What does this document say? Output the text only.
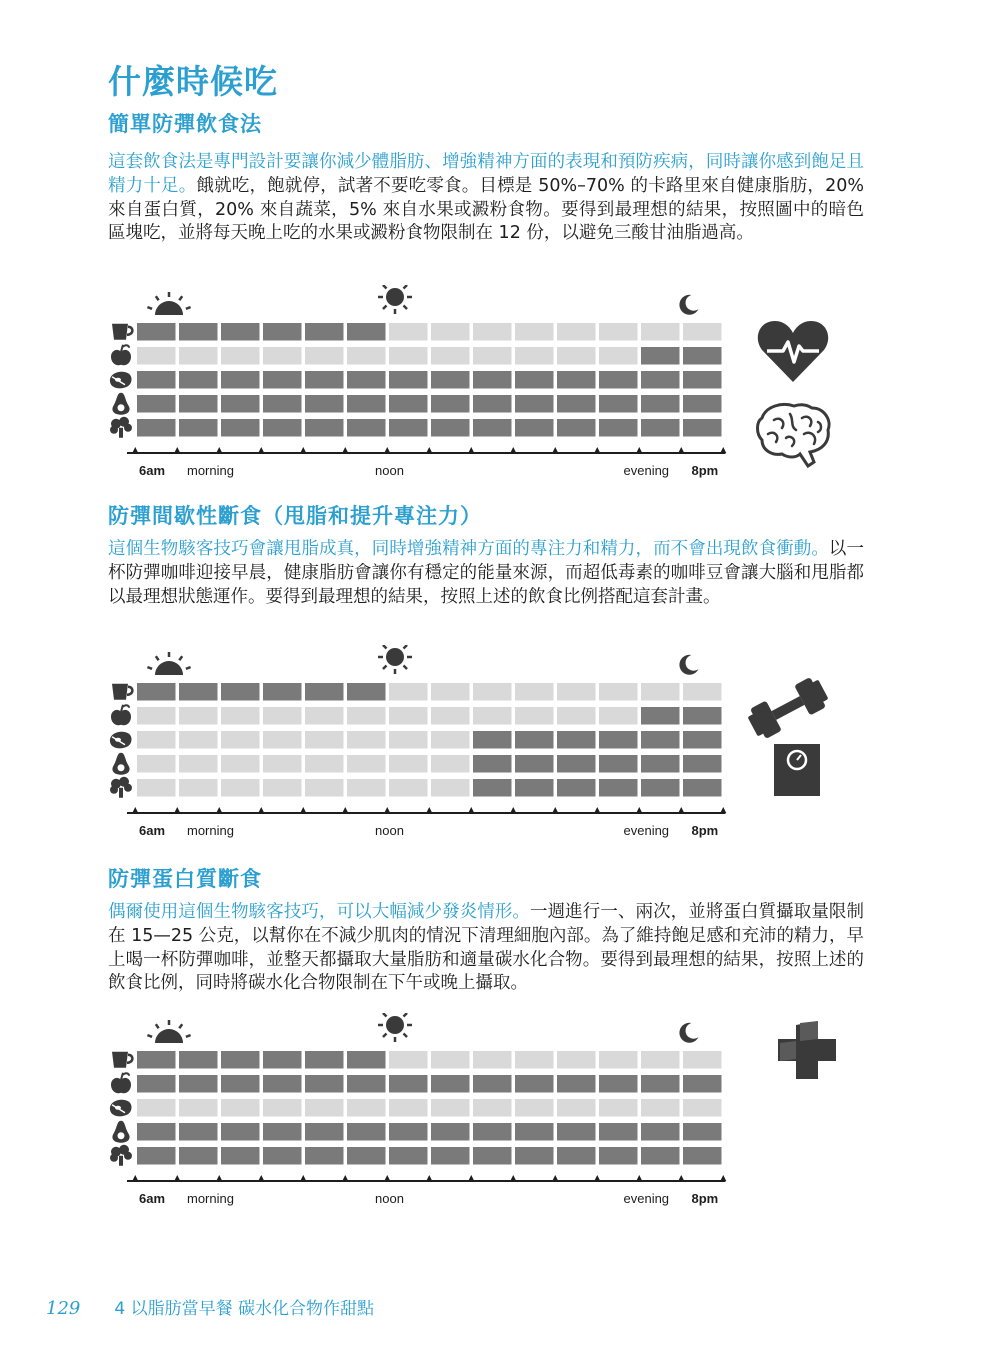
什麼時候吃
簡單防彈飲食法
這套飲食法是專門設計要讓你減少體脂肪、增強精神方面的表現和預防疾病，同時讓你感到飽足且精力十足。餓就吃，飽就停，試著不要吃零食。目標是 50%–70% 的卡路里來自健康脂肪，20% 來自蛋白質，20% 來自蔬菜，5% 來自水果或澱粉食物。要得到最理想的結果，按照圖中的暗色區塊吃，並將每天晚上吃的水果或澱粉食物限制在 12 份，以避免三酸甘油脂過高。
6am morning	noon	evening 8pm
防彈間歇性斷食（甩脂和提升專注力）
這個生物駭客技巧會讓甩脂成真，同時增強精神方面的專注力和精力，而不會出現飲食衝動。以一杯防彈咖啡迎接早晨，健康脂肪會讓你有穩定的能量來源，而超低毒素的咖啡豆會讓大腦和甩脂都以最理想狀態運作。要得到最理想的結果，按照上述的飲食比例搭配這套計畫。
6am morning	noon	evening 8pm
防彈蛋白質斷食
偶爾使用這個生物駭客技巧，可以大幅減少發炎情形。一週進行一、兩次，並將蛋白質攝取量限制在 15—25 公克，以幫你在不減少肌肉的情況下清理細胞內部。為了維持飽足感和充沛的精力，早上喝一杯防彈咖啡，並整天都攝取大量脂肪和適量碳水化合物。要得到最理想的結果，按照上述的飲食比例，同時將碳水化合物限制在下午或晚上攝取。
6am morning	noon	evening 8pm
129 4 以脂肪當早餐 碳水化合物作甜點
